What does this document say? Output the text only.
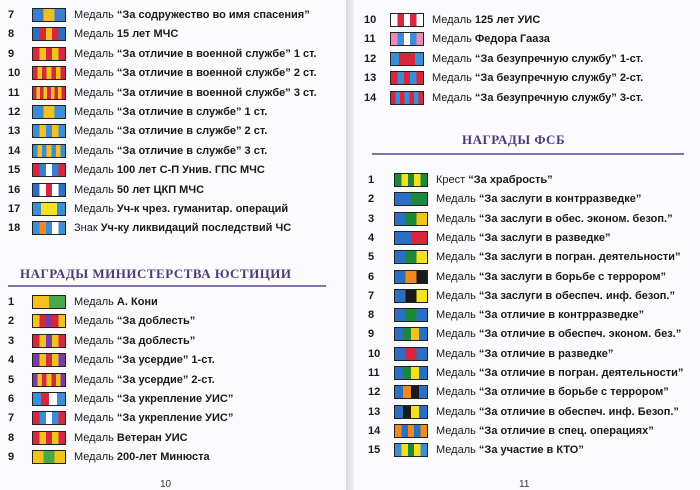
7	Медаль “За содружество во имя спасения”
8	Медаль 15 лет МЧС
9	Медаль “За отличие в военной службе” 1 ст.
10	Медаль “За отличие в военной службе” 2 ст.
11	Медаль “За отличие в военной службе” 3 ст.
12	Медаль “За отличие в службе” 1 ст.
13	Медаль “За отличие в службе” 2 ст.
14	Медаль “За отличие в службе” 3 ст.
15	Медаль 100 лет С-П Унив. ГПС МЧС
16	Медаль 50 лет ЦКП МЧС
17	Медаль Уч-к чрез. гуманитар. операций
18	Знак Уч-ку ликвидаций последствий ЧС
НАГРАДЫ МИНИСТЕРСТВА ЮСТИЦИИ
1	Медаль А. Кони
2	Медаль “За доблесть”
3	Медаль “За доблесть”
4	Медаль “За усердие” 1-ст.
5	Медаль “За усердие” 2-ст.
6	Медаль “За укрепление УИС”
7	Медаль “За укрепление УИС”
8	Медаль Ветеран УИС
9	Медаль 200-лет Минюста
10
10	Медаль 125 лет УИС
11	Медаль Федора Гааза
12	Медаль “За безупречную службу” 1-ст.
13	Медаль “За безупречную службу” 2-ст.
14	Медаль “За безупречную службу” 3-ст.
НАГРАДЫ ФСБ
1	Крест “За храбрость”
2	Медаль “За заслуги в контрразведке”
3	Медаль “За заслуги в обес. эконом. безоп.”
4	Медаль “За заслуги в разведке”
5	Медаль “За заслуги в погран. деятельности”
6	Медаль “За заслуги в борьбе с террором”
7	Медаль “За заслуги в обеспеч. инф. безоп.”
8	Медаль “За отличие в контрразведке”
9	Медаль “За отличие в обеспеч. эконом. без.”
10	Медаль “За отличие в разведке”
11	Медаль “За отличие в погран. деятельности”
12	Медаль “За отличие в борьбе с террором”
13	Медаль “За отличие в обеспеч. инф. Безоп.”
14	Медаль “За отличие в спец. операциях”
15	Медаль “За участие в КТО”
11
